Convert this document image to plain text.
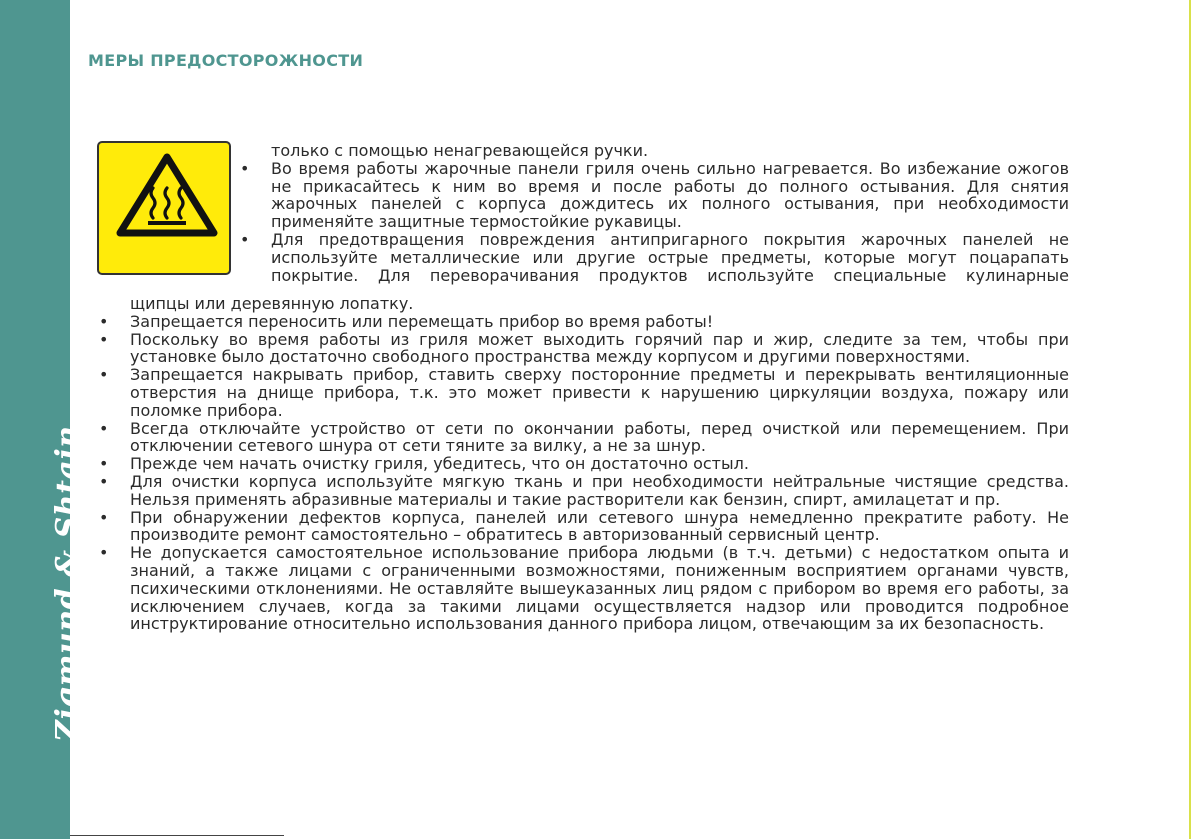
Zigmund & Shtain
МЕРЫ ПРЕДОСТОРОЖНОСТИ
только с помощью ненагревающейся ручки.
• Во время работы жарочные панели гриля очень сильно нагревается. Во избежание ожогов не прикасайтесь к ним во время и после работы до полного остывания. Для снятия жарочных панелей с корпуса дождитесь их полного остывания, при необходимости применяйте защитные термостойкие рукавицы.
• Для предотвращения повреждения антипригарного покрытия жарочных панелей не используйте металлические или другие острые предметы, которые могут поцарапать покрытие. Для переворачивания продуктов используйте специальные кулинарные
щипцы или деревянную лопатку.
• Запрещается переносить или перемещать прибор во время работы!
• Поскольку во время работы из гриля может выходить горячий пар и жир, следите за тем, чтобы при установке было достаточно свободного пространства между корпусом и другими поверхностями.
• Запрещается накрывать прибор, ставить сверху посторонние предметы и перекрывать вентиляционные отверстия на днище прибора, т.к. это может привести к нарушению циркуляции воздуха, пожару или поломке прибора.
• Всегда отключайте устройство от сети по окончании работы, перед очисткой или перемещением. При отключении сетевого шнура от сети тяните за вилку, а не за шнур.
• Прежде чем начать очистку гриля, убедитесь, что он достаточно остыл.
• Для очистки корпуса используйте мягкую ткань и при необходимости нейтральные чистящие средства. Нельзя применять абразивные материалы и такие растворители как бензин, спирт, амилацетат и пр.
• При обнаружении дефектов корпуса, панелей или сетевого шнура немедленно прекратите работу. Не производите ремонт самостоятельно – обратитесь в авторизованный сервисный центр.
• Не допускается самостоятельное использование прибора людьми (в т.ч. детьми) с недостатком опыта и знаний, а также лицами с ограниченными возможностями, пониженным восприятием органами чувств, психическими отклонениями. Не оставляйте вышеуказанных лиц рядом с прибором во время его работы, за исключением случаев, когда за такими лицами осуществляется надзор или проводится подробное инструктирование относительно использования данного прибора лицом, отвечающим за их безопасность.
